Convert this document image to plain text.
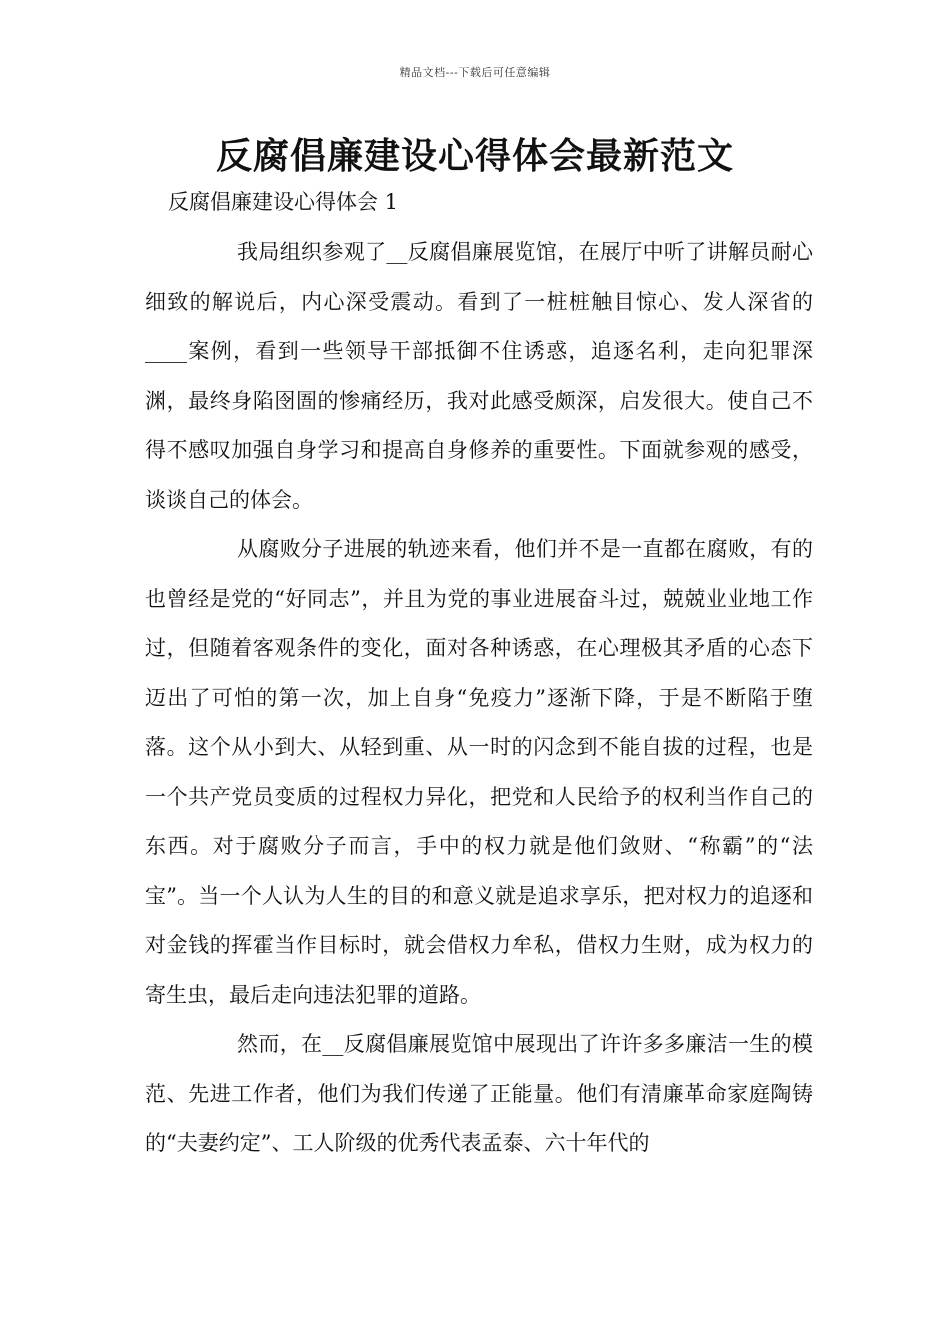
精品文档---下载后可任意编辑
反腐倡廉建设心得体会最新范文
反腐倡廉建设心得体会 1

我局组织参观了__反腐倡廉展览馆，在展厅中听了讲解员耐心细致的解说后，内心深受震动。看到了一桩桩触目惊心、发人深省的____案例，看到一些领导干部抵御不住诱惑，追逐名利，走向犯罪深渊，最终身陷囹圄的惨痛经历，我对此感受颇深，启发很大。使自己不得不感叹加强自身学习和提高自身修养的重要性。下面就参观的感受，谈谈自己的体会。

从腐败分子进展的轨迹来看，他们并不是一直都在腐败，有的也曾经是党的“好同志”，并且为党的事业进展奋斗过，兢兢业业地工作过，但随着客观条件的变化，面对各种诱惑，在心理极其矛盾的心态下迈出了可怕的第一次，加上自身“免疫力”逐渐下降，于是不断陷于堕落。这个从小到大、从轻到重、从一时的闪念到不能自拔的过程，也是一个共产党员变质的过程权力异化，把党和人民给予的权利当作自己的东西。对于腐败分子而言，手中的权力就是他们敛财、“称霸”的“法宝”。当一个人认为人生的目的和意义就是追求享乐，把对权力的追逐和对金钱的挥霍当作目标时，就会借权力牟私，借权力生财，成为权力的寄生虫，最后走向违法犯罪的道路。

然而，在__反腐倡廉展览馆中展现出了许许多多廉洁一生的模范、先进工作者，他们为我们传递了正能量。他们有清廉革命家庭陶铸的“夫妻约定”、工人阶级的优秀代表孟泰、六十年代的
